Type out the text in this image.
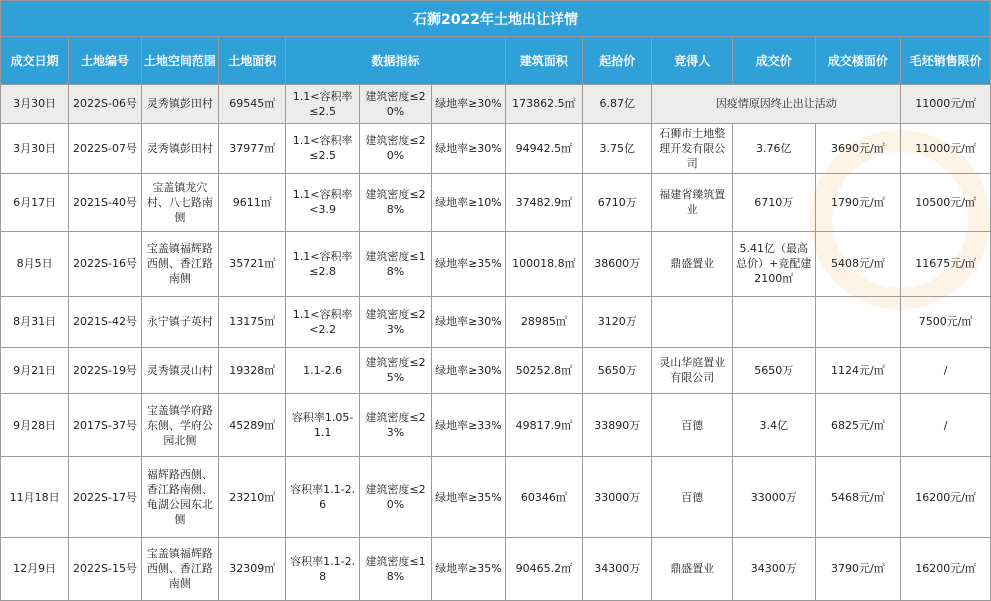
石狮2022年土地出让详情
成交日期	土地编号	土地空间范围	土地面积	数据指标			建筑面积	起拾价	竞得人	成交价	成交楼面价	毛坯销售限价
3月30日	2022S-06号	灵秀镇彭田村	69545㎡	1.1<容积率≤2.5	建筑密度≤20%	绿地率≥30%	173862.5㎡	6.87亿	因疫情原因终止出让活动			11000元/㎡
3月30日	2022S-07号	灵秀镇彭田村	37977㎡	1.1<容积率≤2.5	建筑密度≤20%	绿地率≥30%	94942.5㎡	3.75亿	石狮市土地整理开发有限公司	3.76亿	3690元/㎡	11000元/㎡
6月17日	2021S-40号	宝盖镇龙穴村、八七路南侧	9611㎡	1.1<容积率<3.9	建筑密度≤28%	绿地率≥10%	37482.9㎡	6710万	福建省臻筑置业	6710万	1790元/㎡	10500元/㎡
8月5日	2022S-16号	宝盖镇福辉路西侧、香江路南侧	35721㎡	1.1<容积率≤2.8	建筑密度≤18%	绿地率≥35%	100018.8㎡	38600万	鼎盛置业	5.41亿（最高总价）+竞配建2100㎡	5408元/㎡	11675元/㎡
8月31日	2021S-42号	永宁镇子英村	13175㎡	1.1<容积率<2.2	建筑密度≤23%	绿地率≥30%	28985㎡	3120万				7500元/㎡
9月21日	2022S-19号	灵秀镇灵山村	19328㎡	1.1-2.6	建筑密度≤25%	绿地率≥30%	50252.8㎡	5650万	灵山华庭置业有限公司	5650万	1124元/㎡	/
9月28日	2017S-37号	宝盖镇学府路东侧、学府公园北侧	45289㎡	容积率1.05-1.1	建筑密度≤23%	绿地率≥33%	49817.9㎡	33890万	百德	3.4亿	6825元/㎡	/
11月18日	2022S-17号	福辉路西侧、香江路南侧、龟湖公园东北侧	23210㎡	容积率1.1-2.6	建筑密度≤20%	绿地率≥35%	60346㎡	33000万	百德	33000万	5468元/㎡	16200元/㎡
12月9日	2022S-15号	宝盖镇福辉路西侧、香江路南侧	32309㎡	容积率1.1-2.8	建筑密度≤18%	绿地率≥35%	90465.2㎡	34300万	鼎盛置业	34300万	3790元/㎡	16200元/㎡
